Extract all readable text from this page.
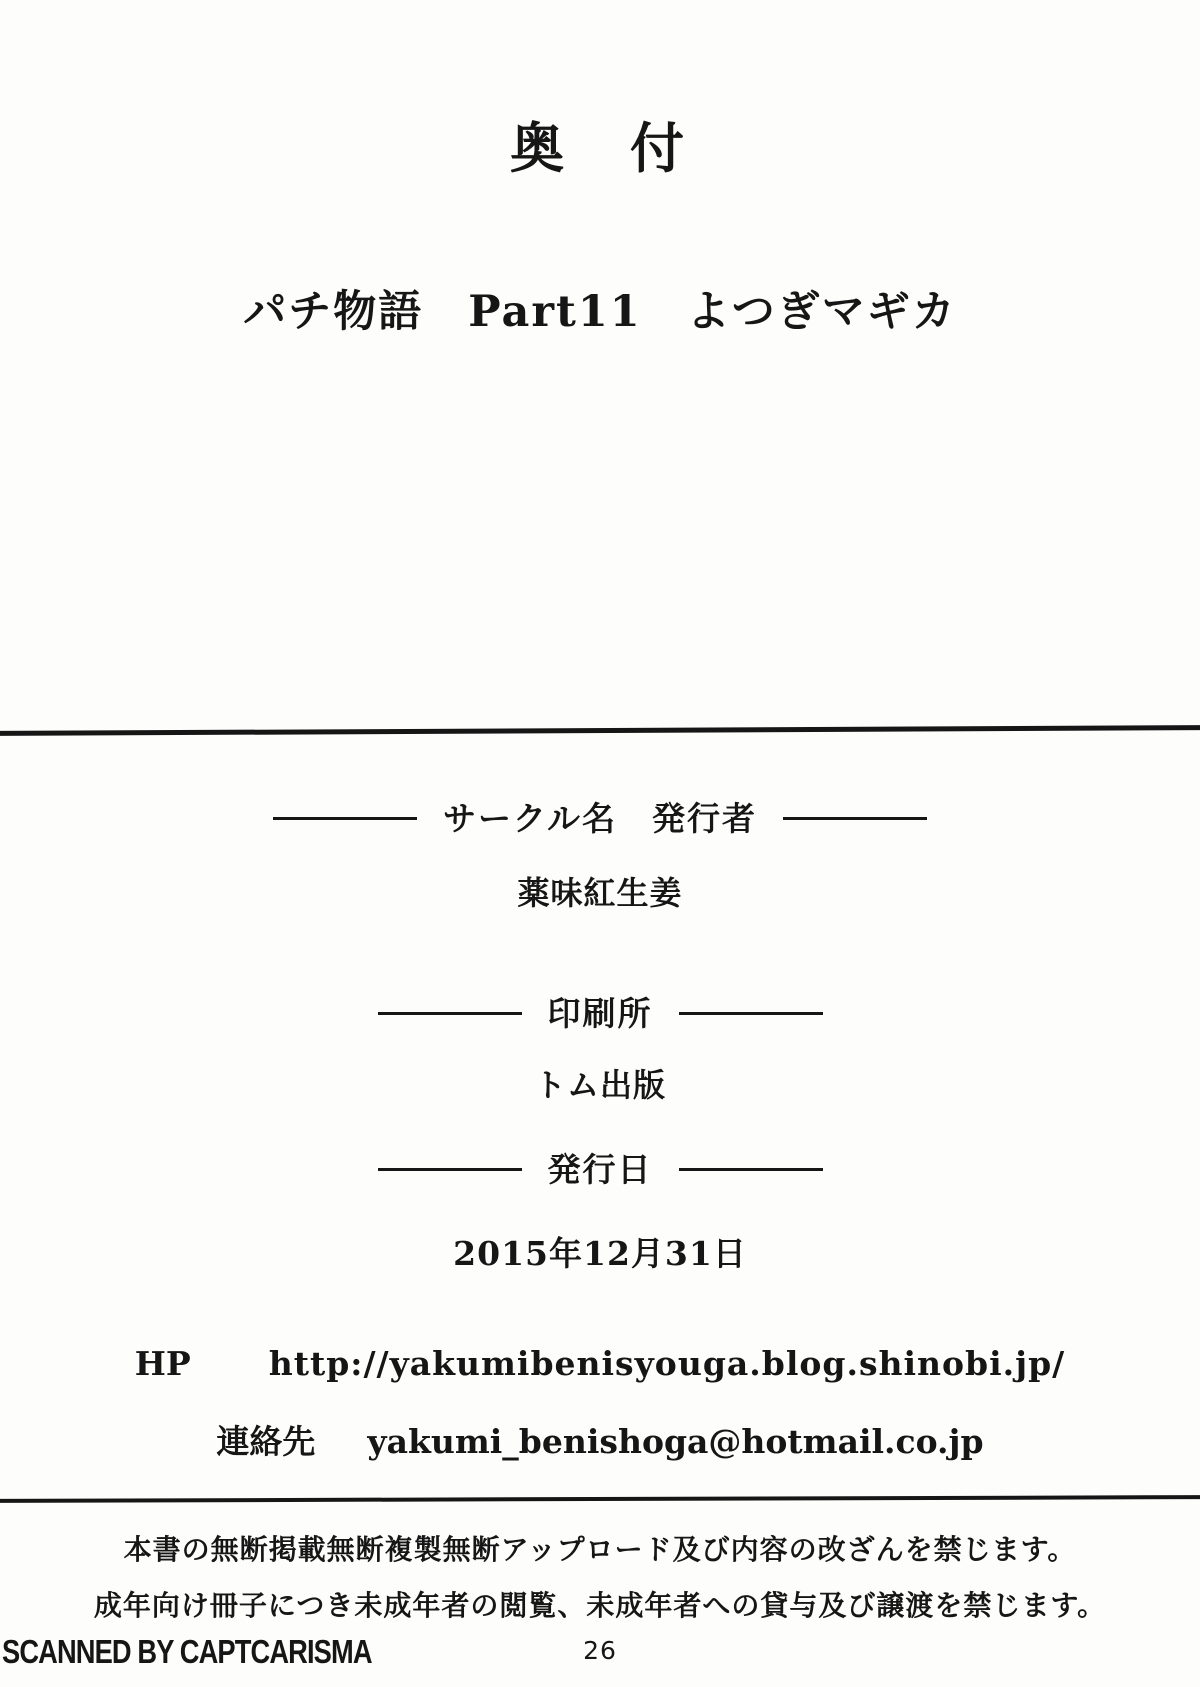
奥　付
パチ物語　Part11　よつぎマギカ
サークル名　発行者
薬味紅生姜
印刷所
トム出版
発行日
2015年12月31日
HP http://yakumibenisyouga.blog.shinobi.jp/
連絡先 yakumi_benishoga@hotmail.co.jp
本書の無断掲載無断複製無断アップロード及び内容の改ざんを禁じます。
成年向け冊子につき未成年者の閲覧、未成年者への貸与及び譲渡を禁じます。
SCANNED BY CAPTCARISMA	26
